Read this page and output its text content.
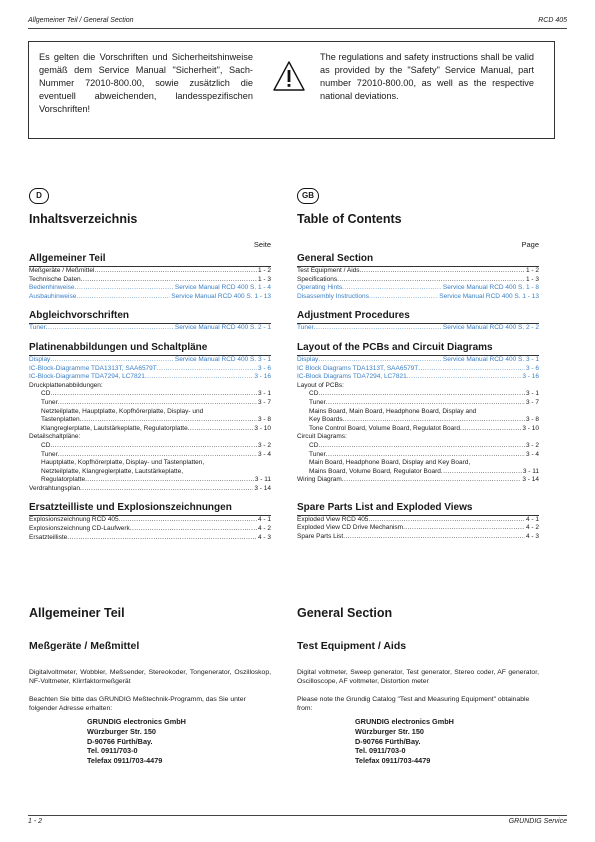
Allgemeiner Teil / General Section	RCD 405
Es gelten die Vorschriften und Sicherheitshinweise gemäß dem Service Manual "Sicherheit", Sach-Nummer 72010-800.00, sowie zusätzlich die eventuell abweichenden, landesspezifischen Vorschriften!
The regulations and safety instructions shall be valid as provided by the "Safety" Service Manual, part number 72010-800.00, as well as the respective national deviations.
D
Inhaltsverzeichnis
Seite
Allgemeiner Teil
Meßgeräte / Meßmittel .....	1 - 2
Technische Daten .....	1 - 3
Bedienhinweise .....	Service Manual RCD 400 S. 1 - 4
Ausbauhinweise .....	Service Manual RCD 400 S. 1 - 13
Abgleichvorschriften
Tuner .....	Service Manual RCD 400 S. 2 - 1
Platinenabbildungen und Schaltpläne
Display .....	Service Manual RCD 400 S. 3 - 1
IC-Block-Diagramme TDA1313T, SAA6579T .....	3 - 6
IC-Block-Diagramme TDA7294, LC7821 .....	3 - 16
Druckplattenabbildungen:
CD .....	3 - 1
Tuner .....	3 - 7
Netzteilplatte, Hauptplatte, Kopfhörerplatte, Display- und
Tastenplatten .....	3 - 8
Klangreglerplatte, Lautstärkeplatte, Regulatorplatte .....	3 - 10
Detailschaltpläne:
CD .....	3 - 2
Tuner .....	3 - 4
Hauptplatte, Kopfhörerplatte, Display- und Tastenplatten,
Netzteilplatte, Klangreglerplatte, Lautstärkeplatte,
Regulatorplatte .....	3 - 11
Verdrahtungsplan .....	3 - 14
Ersatzteilliste und Explosionszeichnungen
Explosionszeichnung RCD 405 .....	4 - 1
Explosionszeichnung CD-Laufwerk .....	4 - 2
Ersatzteilliste .....	4 - 3
GB
Table of Contents
Page
General Section
Test Equipment / Aids .....	1 - 2
Specifications .....	1 - 3
Operating Hints .....	Service Manual RCD 400 S. 1 - 8
Disassembly Instructions .....	Service Manual RCD 400 S. 1 - 13
Adjustment Procedures
Tuner .....	Service Manual RCD 400 S. 2 - 2
Layout of the PCBs and Circuit Diagrams
Display .....	Service Manual RCD 400 S. 3 - 1
IC Block Diagrams TDA1313T, SAA6579T .....	3 - 6
IC-Block Diagrams TDA7294, LC7821 .....	3 - 16
Layout of PCBs:
CD .....	3 - 1
Tuner .....	3 - 7
Mains Board, Main Board, Headphone Board, Display and
Key Boards .....	3 - 8
Tone Control Board, Volume Board, Regulatot Board .....	3 - 10
Circuit Diagrams:
CD .....	3 - 2
Tuner .....	3 - 4
Main Board, Headphone Board, Display and Key Board,
Mains Board, Volume Board, Regulator Board .....	3 - 11
Wiring Diagram .....	3 - 14
Spare Parts List and Exploded Views
Exploded View RCD 405 .....	4 - 1
Exploded View CD Drive Mechanism .....	4 - 2
Spare Parts List .....	4 - 3
Allgemeiner Teil
Meßgeräte / Meßmittel
Digitalvoltmeter, Wobbler, Meßsender, Stereokoder, Tongenerator, Oszilloskop, NF-Voltmeter, Klirrfaktormeßgerät
Beachten Sie bitte das GRUNDIG Meßtechnik-Programm, das Sie unter folgender Adresse erhalten:
GRUNDIG electronics GmbH
Würzburger Str. 150
D-90766 Fürth/Bay.
Tel. 0911/703-0
Telefax 0911/703-4479
General Section
Test Equipment / Aids
Digital voltmeter, Sweep generator, Test generator, Stereo coder, AF generator, Oscilloscope, AF voltmeter, Distortion meter
Please note the Grundig Catalog "Test and Measuring Equipment" obtainable from:
GRUNDIG electronics GmbH
Würzburger Str. 150
D-90766 Fürth/Bay.
Tel. 0911/703-0
Telefax 0911/703-4479
1 - 2	GRUNDIG Service
